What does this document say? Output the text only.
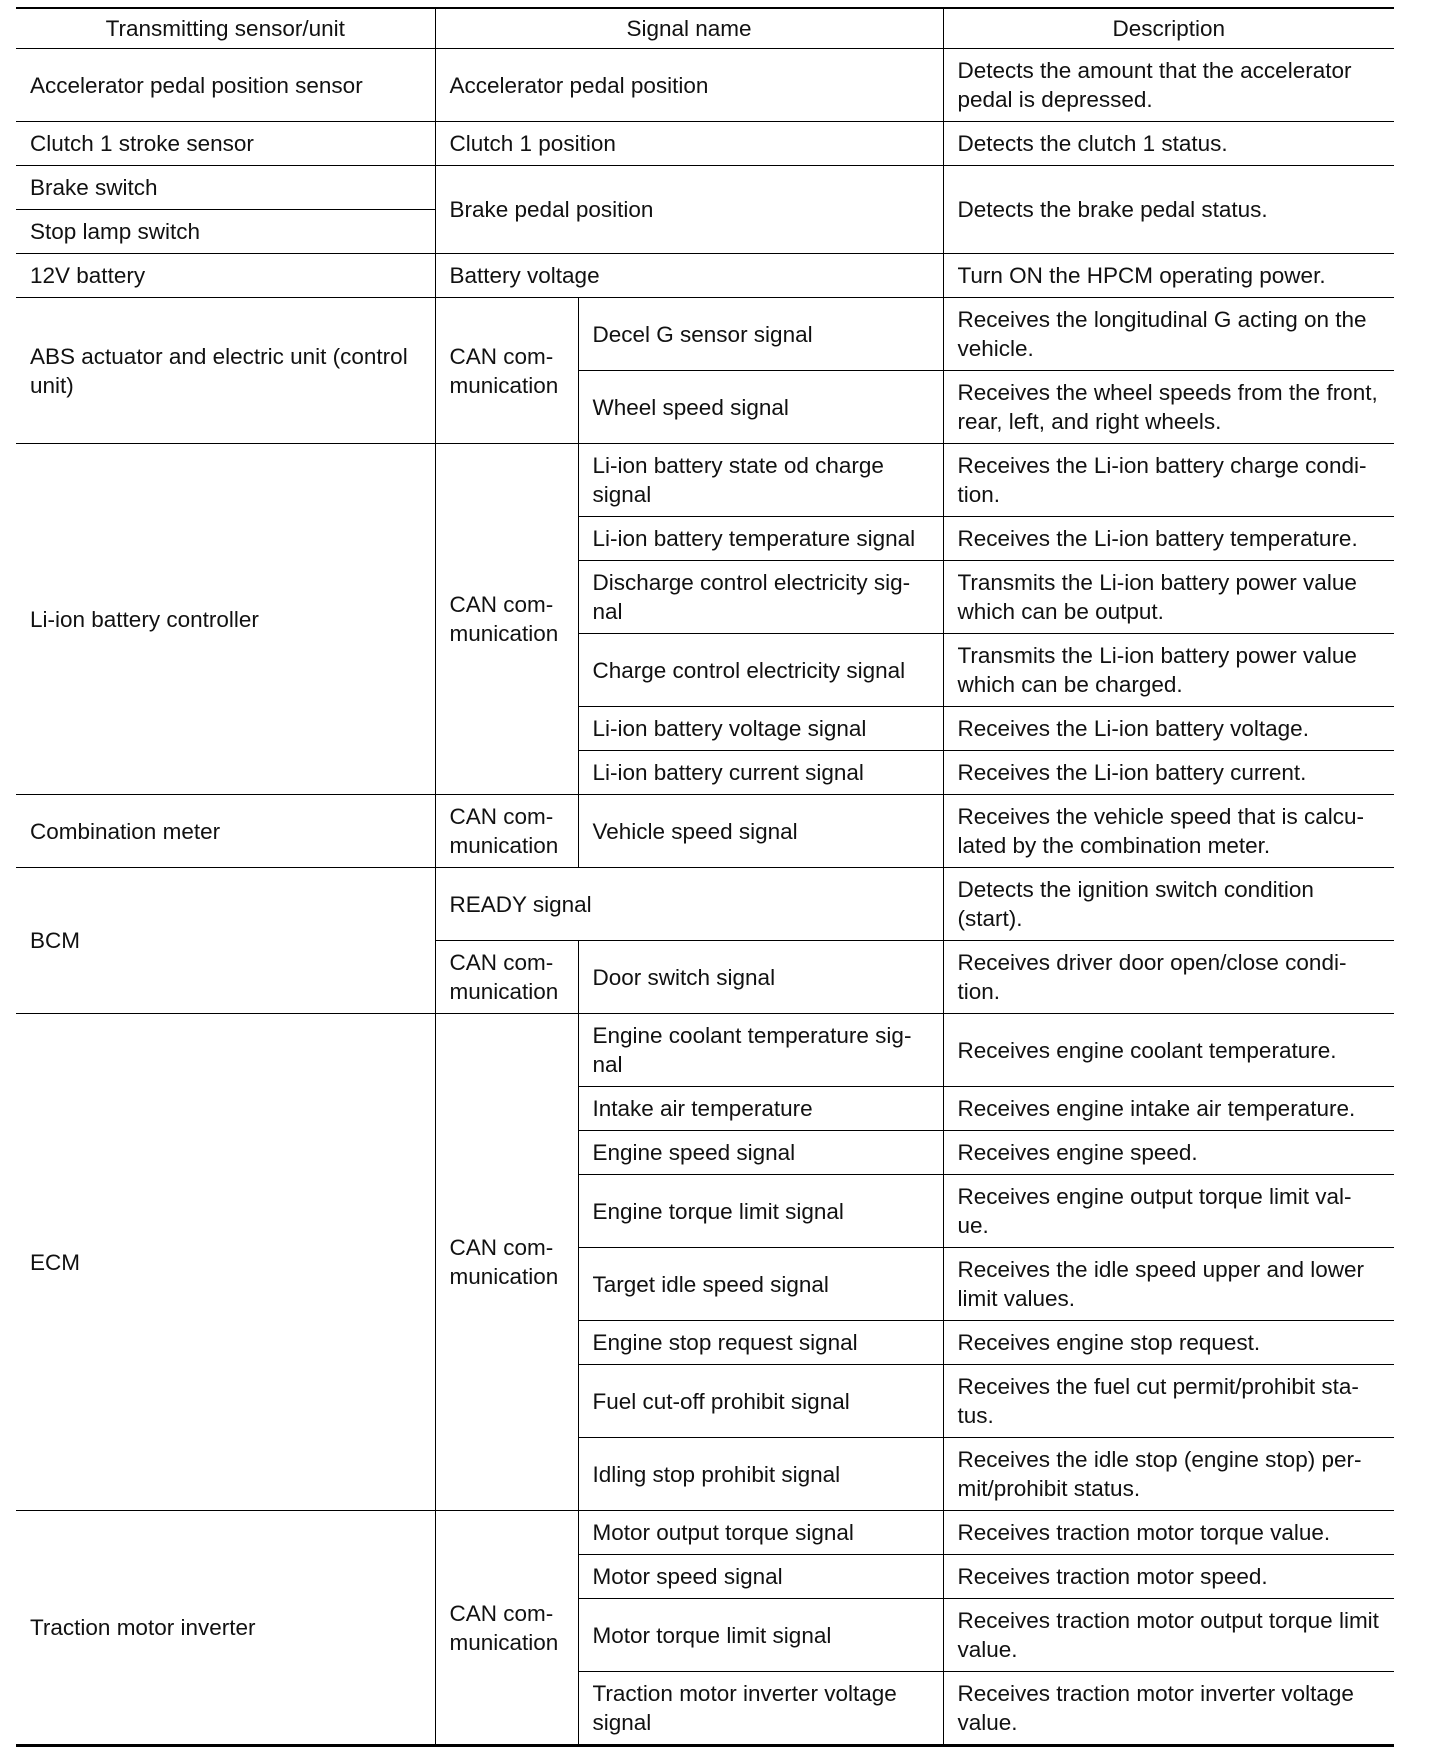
Transmitting sensor/unit	Signal name		Description
Accelerator pedal position sensor	Accelerator pedal position		Detects the amount that the accelerator pedal is depressed.
Clutch 1 stroke sensor	Clutch 1 position		Detects the clutch 1 status.
Brake switch	Brake pedal position		Detects the brake pedal status.
Stop lamp switch			
12V battery	Battery voltage		Turn ON the HPCM operating power.
ABS actuator and electric unit (control unit)	CAN com-munication	Decel G sensor signal	Receives the longitudinal G acting on the vehicle.
		Wheel speed signal	Receives the wheel speeds from the front, rear, left, and right wheels.
Li-ion battery controller	CAN com-munication	Li-ion battery state od charge signal	Receives the Li-ion battery charge condi-tion.
		Li-ion battery temperature signal	Receives the Li-ion battery temperature.
		Discharge control electricity sig-nal	Transmits the Li-ion battery power value which can be output.
		Charge control electricity signal	Transmits the Li-ion battery power value which can be charged.
		Li-ion battery voltage signal	Receives the Li-ion battery voltage.
		Li-ion battery current signal	Receives the Li-ion battery current.
Combination meter	CAN com-munication	Vehicle speed signal	Receives the vehicle speed that is calcu-lated by the combination meter.
BCM	READY signal		Detects the ignition switch condition (start).
	CAN com-munication	Door switch signal	Receives driver door open/close condi-tion.
ECM	CAN com-munication	Engine coolant temperature sig-nal	Receives engine coolant temperature.
		Intake air temperature	Receives engine intake air temperature.
		Engine speed signal	Receives engine speed.
		Engine torque limit signal	Receives engine output torque limit val-ue.
		Target idle speed signal	Receives the idle speed upper and lower limit values.
		Engine stop request signal	Receives engine stop request.
		Fuel cut-off prohibit signal	Receives the fuel cut permit/prohibit sta-tus.
		Idling stop prohibit signal	Receives the idle stop (engine stop) per-mit/prohibit status.
Traction motor inverter	CAN com-munication	Motor output torque signal	Receives traction motor torque value.
		Motor speed signal	Receives traction motor speed.
		Motor torque limit signal	Receives traction motor output torque limit value.
		Traction motor inverter voltage signal	Receives traction motor inverter voltage value.
